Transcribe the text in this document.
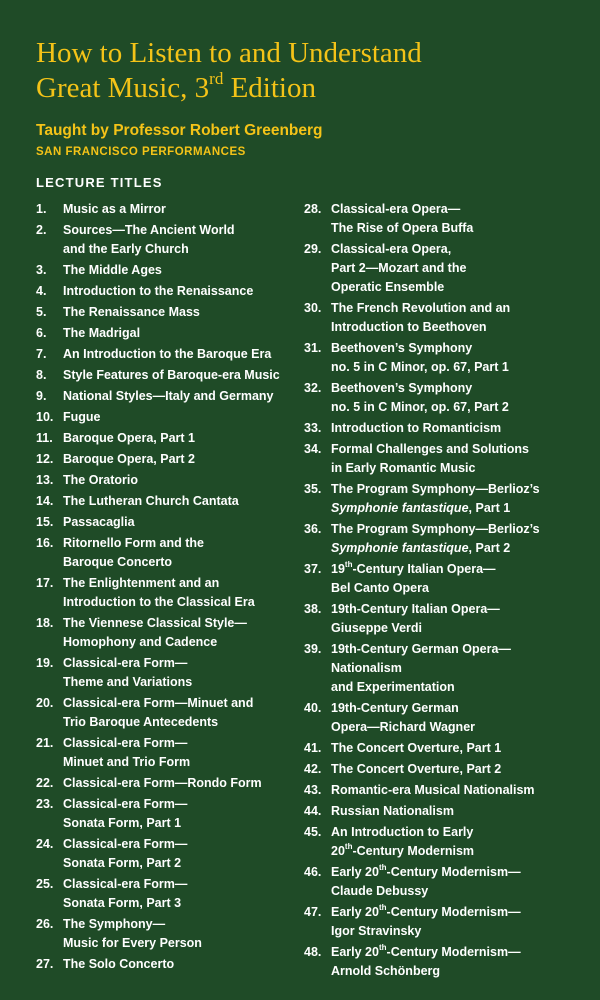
How to Listen to and Understand
Great Music, 3rd Edition
Taught by Professor Robert Greenberg
SAN FRANCISCO PERFORMANCES
LECTURE TITLES
1. Music as a Mirror
2. Sources—The Ancient World
and the Early Church
3. The Middle Ages
4. Introduction to the Renaissance
5. The Renaissance Mass
6. The Madrigal
7. An Introduction to the Baroque Era
8. Style Features of Baroque-era Music
9. National Styles—Italy and Germany
10. Fugue
11. Baroque Opera, Part 1
12. Baroque Opera, Part 2
13. The Oratorio
14. The Lutheran Church Cantata
15. Passacaglia
16. Ritornello Form and the
Baroque Concerto
17. The Enlightenment and an
Introduction to the Classical Era
18. The Viennese Classical Style—
Homophony and Cadence
19. Classical-era Form—
Theme and Variations
20. Classical-era Form—Minuet and
Trio Baroque Antecedents
21. Classical-era Form—
Minuet and Trio Form
22. Classical-era Form—Rondo Form
23. Classical-era Form—
Sonata Form, Part 1
24. Classical-era Form—
Sonata Form, Part 2
25. Classical-era Form—
Sonata Form, Part 3
26. The Symphony—
Music for Every Person
27. The Solo Concerto
28. Classical-era Opera—
The Rise of Opera Buffa
29. Classical-era Opera,
Part 2—Mozart and the
Operatic Ensemble
30. The French Revolution and an
Introduction to Beethoven
31. Beethoven’s Symphony
no. 5 in C Minor, op. 67, Part 1
32. Beethoven’s Symphony
no. 5 in C Minor, op. 67, Part 2
33. Introduction to Romanticism
34. Formal Challenges and Solutions
in Early Romantic Music
35. The Program Symphony—Berlioz’s
Symphonie fantastique, Part 1
36. The Program Symphony—Berlioz’s
Symphonie fantastique, Part 2
37. 19th-Century Italian Opera—
Bel Canto Opera
38. 19th-Century Italian Opera—
Giuseppe Verdi
39. 19th-Century German Opera—
Nationalism
and Experimentation
40. 19th-Century German
Opera—Richard Wagner
41. The Concert Overture, Part 1
42. The Concert Overture, Part 2
43. Romantic-era Musical Nationalism
44. Russian Nationalism
45. An Introduction to Early
20th-Century Modernism
46. Early 20th-Century Modernism—
Claude Debussy
47. Early 20th-Century Modernism—
Igor Stravinsky
48. Early 20th-Century Modernism—
Arnold Schönberg
